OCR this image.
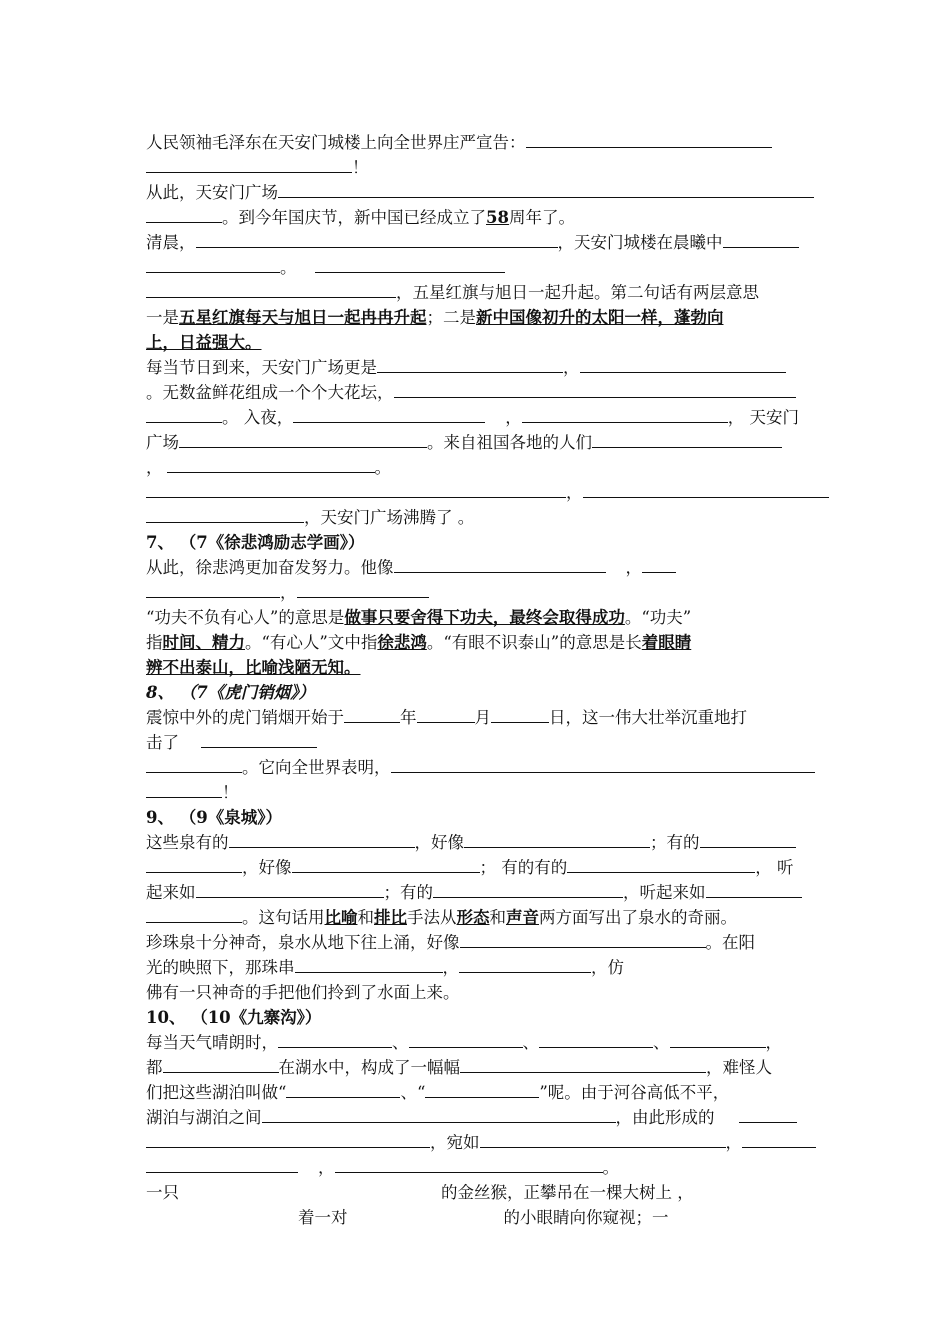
人民领袖毛泽东在天安门城楼上向全世界庄严宣告：
！
从此，天安门广场
。到今年国庆节，新中国已经成立了58周年了。
清晨，	，天安门城楼在晨曦中
。
，五星红旗与旭日一起升起。第二句话有两层意思
一是五星红旗每天与旭日一起冉冉升起；二是新中国像初升的太阳一样，蓬勃向
上，日益强大。
每当节日到来，天安门广场更是	，
。无数盆鲜花组成一个个大花坛，
。 入夜，	，	， 天安门
广场	。来自祖国各地的人们
，	。
，
，天安门广场沸腾了 。
7、 （7《徐悲鸿励志学画》）
从此，徐悲鸿更加奋发努力。他像	，
，
“功夫不负有心人”的意思是做事只要舍得下功夫，最终会取得成功。“功夫”
指时间、精力。“有心人”文中指徐悲鸿。“有眼不识泰山”的意思是长着眼睛
辨不出泰山，比喻浅陋无知。
8、 （7《虎门销烟》）
震惊中外的虎门销烟开始于	年	月	日，这一伟大壮举沉重地打
击了
。它向全世界表明，
！
9、 （9《泉城》）
这些泉有的	，好像	；有的
，好像	； 有的有的	， 听
起来如	；有的	，听起来如
。这句话用比喻和排比手法从形态和声音两方面写出了泉水的奇丽。
珍珠泉十分神奇，泉水从地下往上涌，好像	。在阳
光的映照下，那珠串	，	，仿
佛有一只神奇的手把他们拎到了水面上来。
10、 （10《九寨沟》）
每当天气晴朗时，	、	、	、	，
都	在湖水中，构成了一幅幅	，难怪人
们把这些湖泊叫做“	、“	”呢。由于河谷高低不平，
湖泊与湖泊之间	，由此形成的
，宛如	，
，	。
一只	的金丝猴，正攀吊在一棵大树上 ，
着一对	的小眼睛向你窥视；一
